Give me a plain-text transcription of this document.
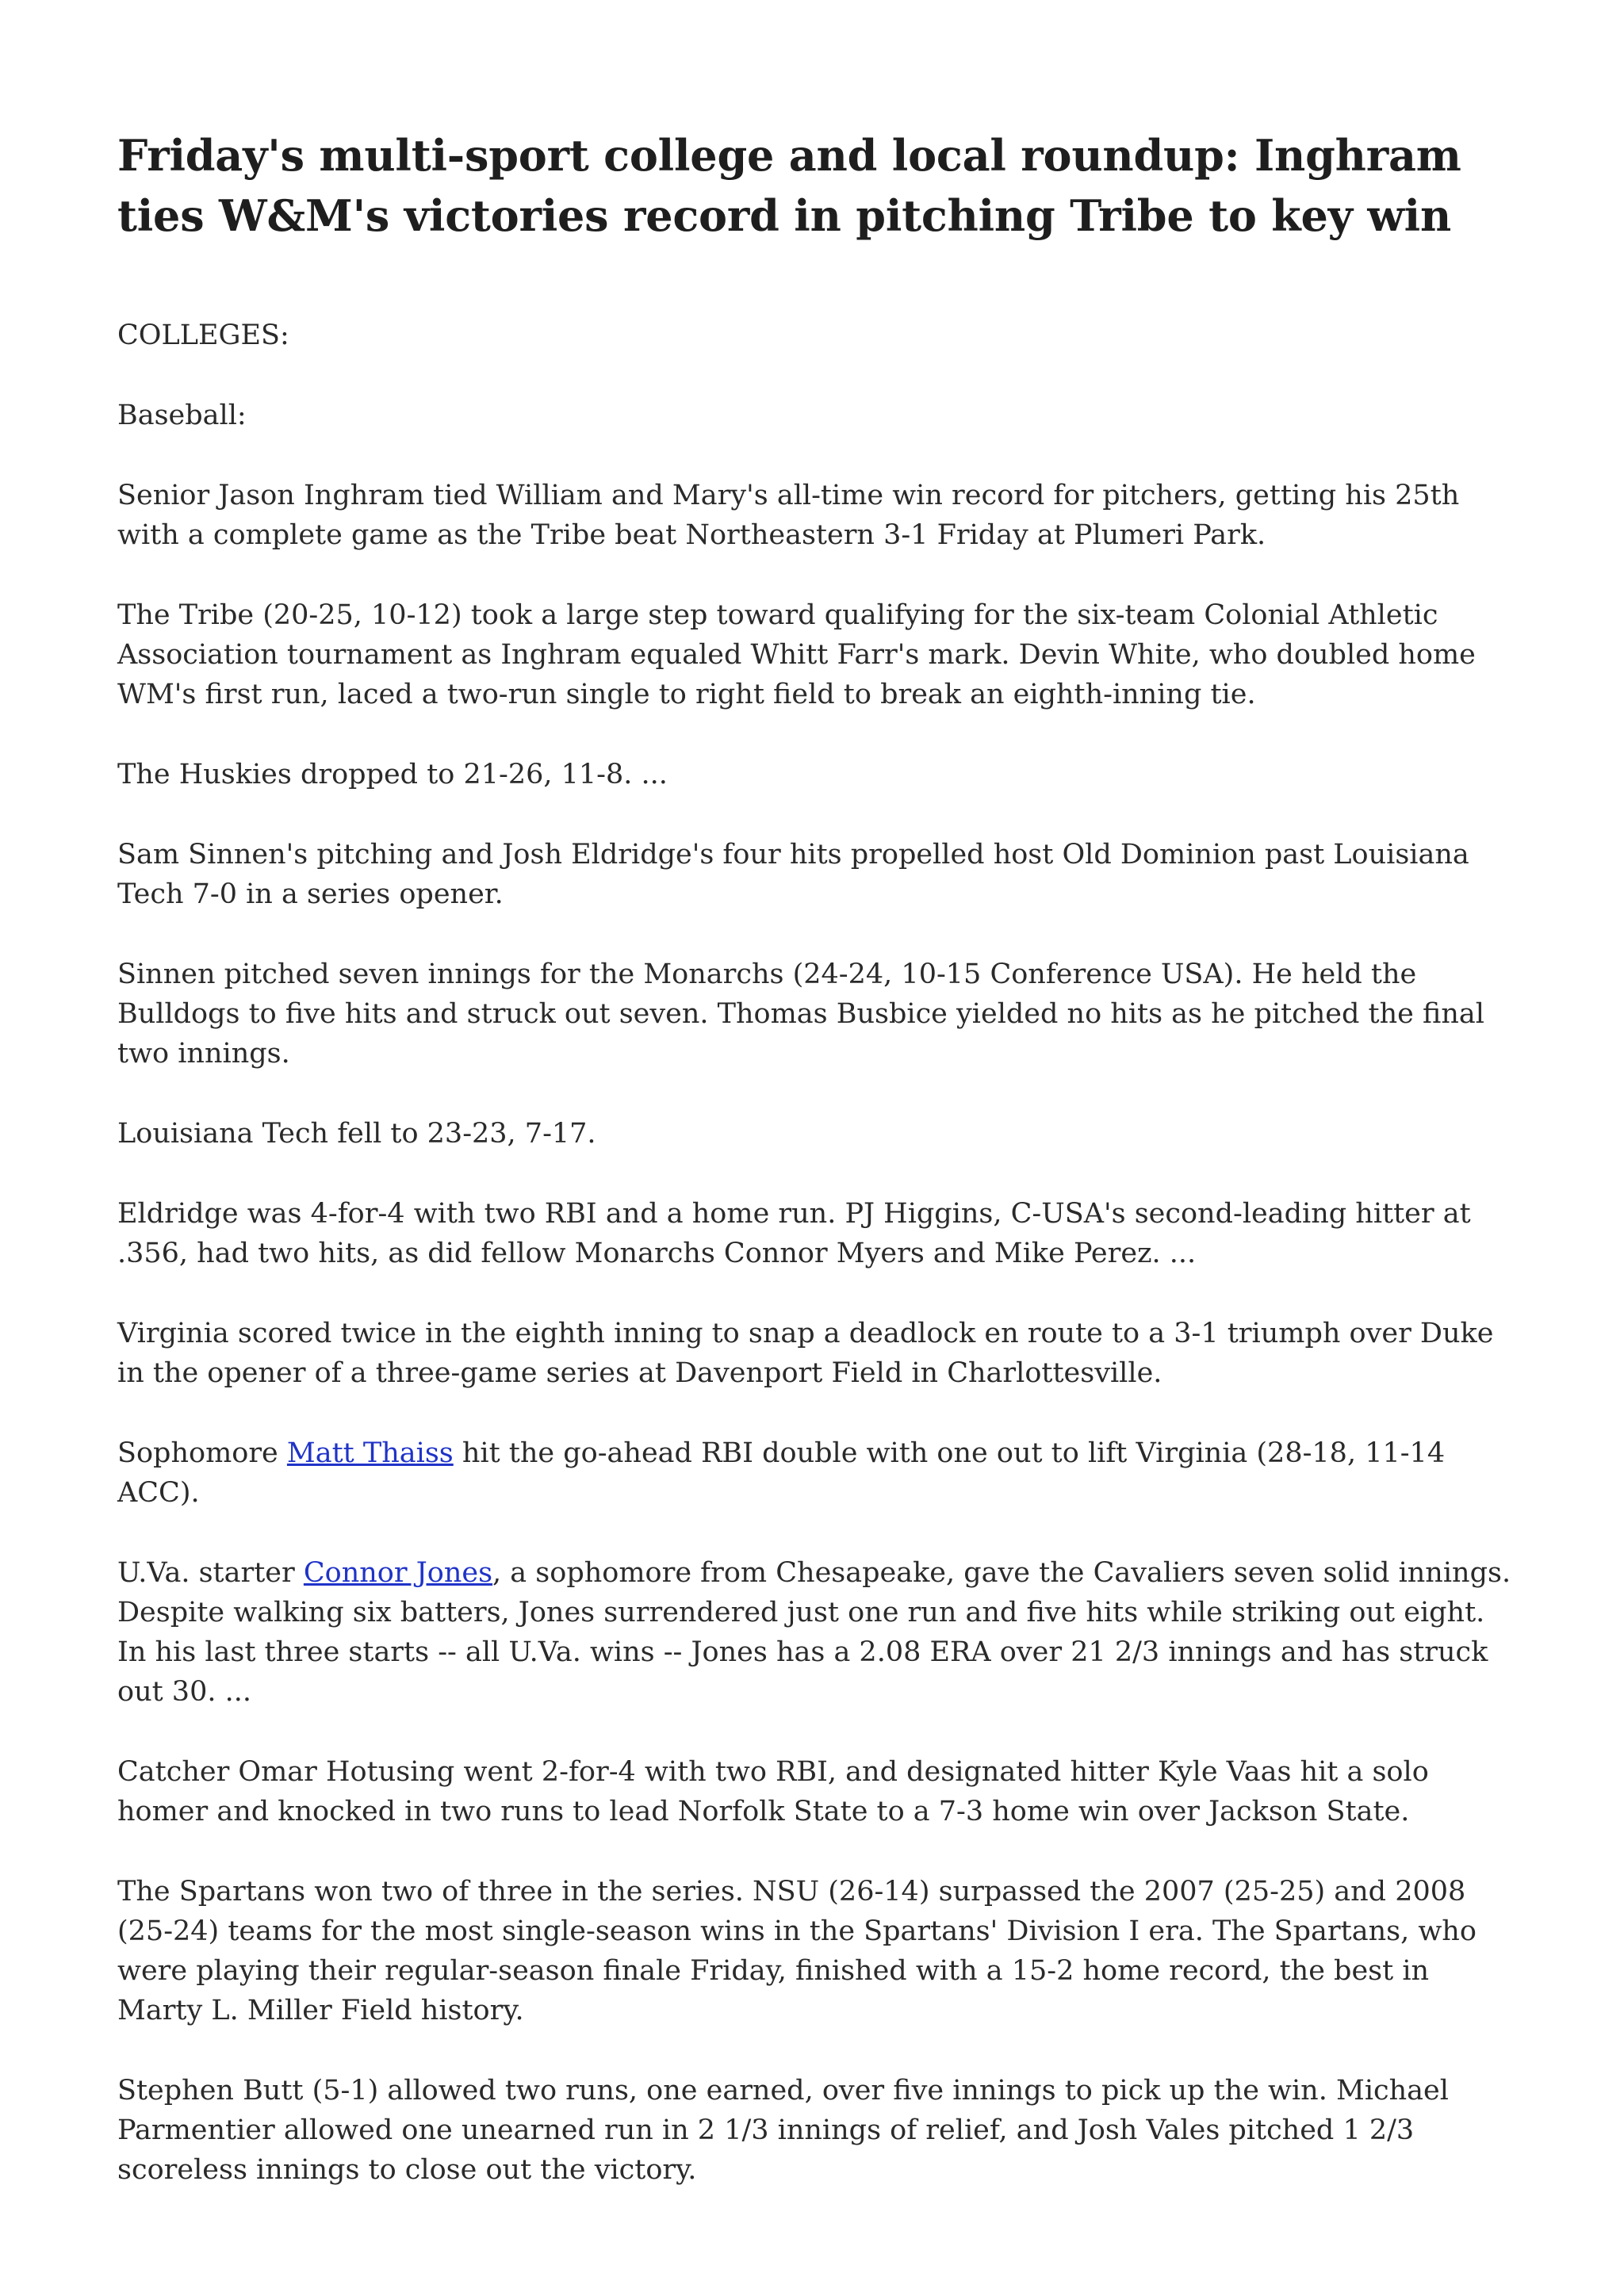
Friday's multi-sport college and local roundup: Inghram ties W&M's victories record in pitching Tribe to key win

COLLEGES:

Baseball:

Senior Jason Inghram tied William and Mary's all-time win record for pitchers, getting his 25th with a complete game as the Tribe beat Northeastern 3-1 Friday at Plumeri Park.

The Tribe (20-25, 10-12) took a large step toward qualifying for the six-team Colonial Athletic Association tournament as Inghram equaled Whitt Farr's mark. Devin White, who doubled home WM's first run, laced a two-run single to right field to break an eighth-inning tie.

The Huskies dropped to 21-26, 11-8. ...

Sam Sinnen's pitching and Josh Eldridge's four hits propelled host Old Dominion past Louisiana Tech 7-0 in a series opener.

Sinnen pitched seven innings for the Monarchs (24-24, 10-15 Conference USA). He held the Bulldogs to five hits and struck out seven. Thomas Busbice yielded no hits as he pitched the final two innings.

Louisiana Tech fell to 23-23, 7-17.

Eldridge was 4-for-4 with two RBI and a home run. PJ Higgins, C-USA's second-leading hitter at .356, had two hits, as did fellow Monarchs Connor Myers and Mike Perez. ...

Virginia scored twice in the eighth inning to snap a deadlock en route to a 3-1 triumph over Duke in the opener of a three-game series at Davenport Field in Charlottesville.

Sophomore Matt Thaiss hit the go-ahead RBI double with one out to lift Virginia (28-18, 11-14 ACC).

U.Va. starter Connor Jones, a sophomore from Chesapeake, gave the Cavaliers seven solid innings. Despite walking six batters, Jones surrendered just one run and five hits while striking out eight. In his last three starts -- all U.Va. wins -- Jones has a 2.08 ERA over 21 2/3 innings and has struck out 30. ...

Catcher Omar Hotusing went 2-for-4 with two RBI, and designated hitter Kyle Vaas hit a solo homer and knocked in two runs to lead Norfolk State to a 7-3 home win over Jackson State.

The Spartans won two of three in the series. NSU (26-14) surpassed the 2007 (25-25) and 2008 (25-24) teams for the most single-season wins in the Spartans' Division I era. The Spartans, who were playing their regular-season finale Friday, finished with a 15-2 home record, the best in Marty L. Miller Field history.

Stephen Butt (5-1) allowed two runs, one earned, over five innings to pick up the win. Michael Parmentier allowed one unearned run in 2 1/3 innings of relief, and Josh Vales pitched 1 2/3 scoreless innings to close out the victory.
